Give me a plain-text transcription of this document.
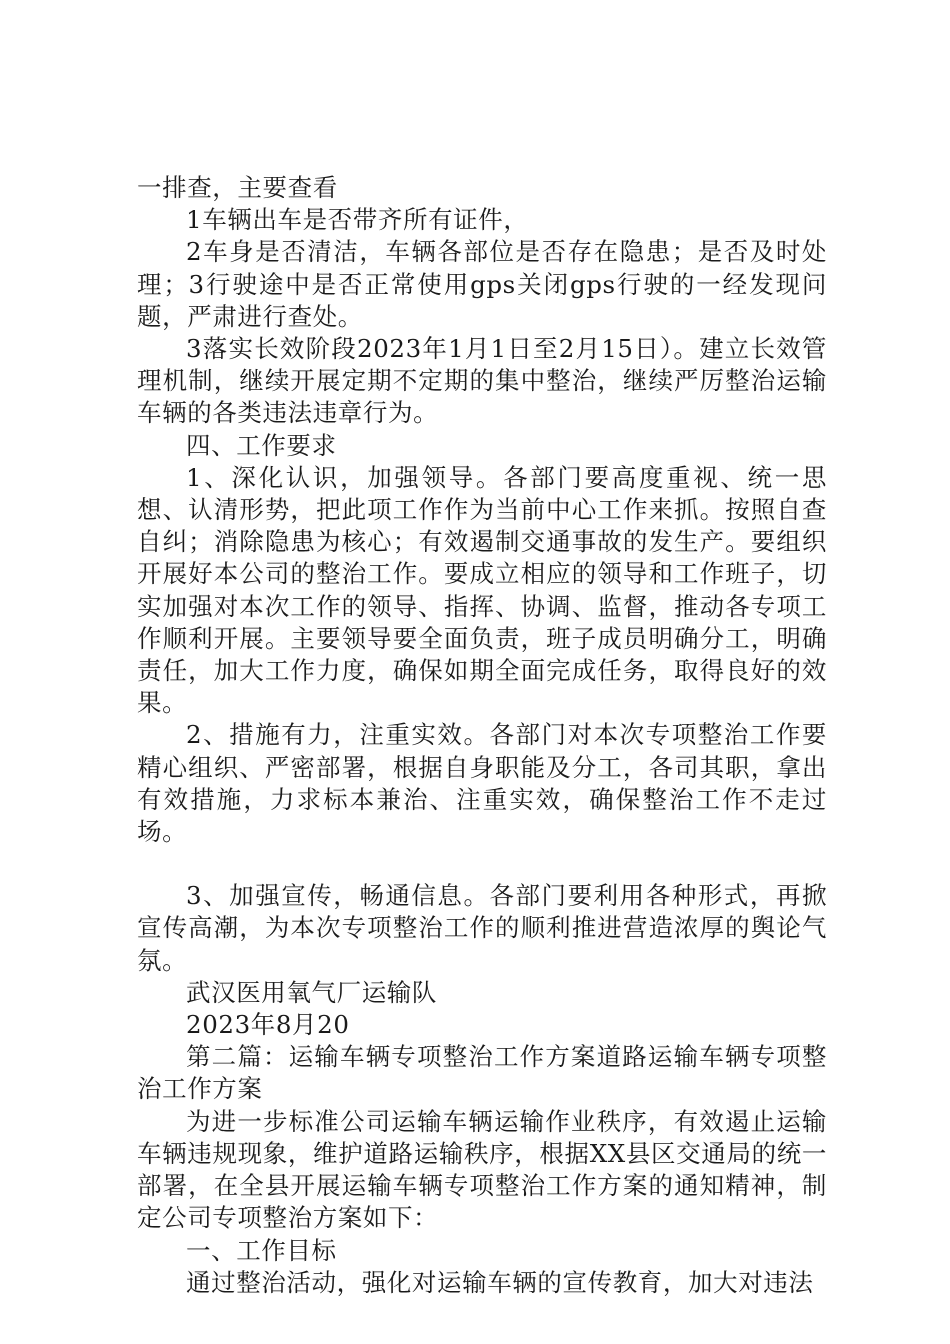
一排查，主要查看

1车辆出车是否带齐所有证件，

2车身是否清洁，车辆各部位是否存在隐患；是否及时处理；3行驶途中是否正常使用gps关闭gps行驶的一经发现问题，严肃进行查处。

3落实长效阶段2023年1月1日至2月15日）。建立长效管理机制，继续开展定期不定期的集中整治，继续严厉整治运输车辆的各类违法违章行为。

四、工作要求

1、深化认识，加强领导。各部门要高度重视、统一思想、认清形势，把此项工作作为当前中心工作来抓。按照自查自纠；消除隐患为核心；有效遏制交通事故的发生产。要组织开展好本公司的整治工作。要成立相应的领导和工作班子，切实加强对本次工作的领导、指挥、协调、监督，推动各专项工作顺利开展。主要领导要全面负责，班子成员明确分工，明确责任，加大工作力度，确保如期全面完成任务，取得良好的效果。

2、措施有力，注重实效。各部门对本次专项整治工作要精心组织、严密部署，根据自身职能及分工，各司其职，拿出有效措施，力求标本兼治、注重实效，确保整治工作不走过场。

3、加强宣传，畅通信息。各部门要利用各种形式，再掀宣传高潮，为本次专项整治工作的顺利推进营造浓厚的舆论气氛。

武汉医用氧气厂运输队

2023年8月20

第二篇：运输车辆专项整治工作方案道路运输车辆专项整治工作方案

为进一步标准公司运输车辆运输作业秩序，有效遏止运输车辆违规现象，维护道路运输秩序，根据XX县区交通局的统一部署，在全县开展运输车辆专项整治工作方案的通知精神，制定公司专项整治方案如下：

一、工作目标

通过整治活动，强化对运输车辆的宣传教育，加大对违法
